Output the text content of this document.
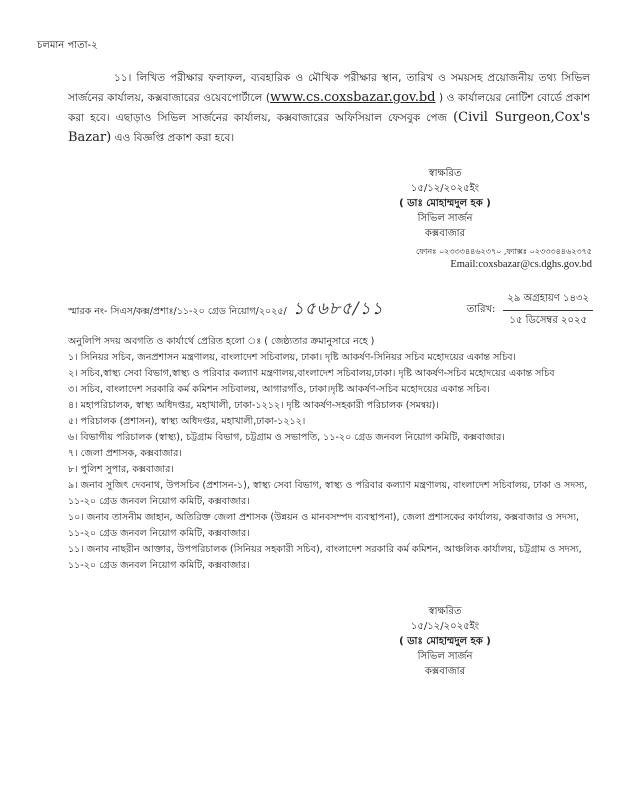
চলমান পাতা-২
১১। লিখিত পরীক্ষার ফলাফল, ব্যবহারিক ও মৌখিক পরীক্ষার স্থান, তারিখ ও সময়সহ প্রয়োজনীয় তথ্য সিভিল সার্জনের কার্যালয়, কক্সবাজারের ওয়েবপোর্টালে (www.cs.coxsbazar.gov.bd ) ও কার্যালয়ের নোটিশ বোর্ডে প্রকাশ করা হবে। এছাড়াও সিভিল সার্জনের কার্যালয়, কক্সবাজারের অফিসিয়াল ফেসবুক পেজ (Civil Surgeon,Cox's Bazar) এও বিজ্ঞপ্তি প্রকাশ করা হবে।
স্বাক্ষরিত
১৫/১২/২০২৫ইং
( ডাঃ মোহাম্মদুল হক )
সিভিল সার্জন
কক্সবাজার
ফোনঃ ০২৩৩৩৪৪৬২৩৭০ ,ফ্যাক্সঃ ০২৩৩৩৪৪৬২৩৭৫
Email:coxsbazar@cs.dghs.gov.bd
স্মারক নং- সিএস/কক্স/প্রশাঃ/১১-২০ গ্রেড নিয়োগ/২০২৫/ ১৫৬৮৫/১১	তারিখ: $\frac{\text{২৯ অগ্রহায়ণ ১৪৩২}}{\text{১৫ ডিসেম্বর ২০২৫}}$
অনুলিপি সদয় অবগতি ও কার্যার্থে প্রেরিত হলো ঃ ( জেষ্ঠ্যতার ক্রমানুসারে নহে )
১। সিনিয়র সচিব, জনপ্রশাসন মন্ত্রণালয়, বাংলাদেশ সচিবালয়, ঢাকা। দৃষ্টি আকর্ষণ-সিনিয়র সচিব মহোদয়ের একান্ত সচিব।
২। সচিব,স্বাস্থ্য সেবা বিভাগ,স্বাস্থ্য ও পরিবার কল্যাণ মন্ত্রণালয়,বাংলাদেশ সচিবালয়,ঢাকা। দৃষ্টি আকর্ষণ-সচিব মহোদয়ের একান্ত সচিব
৩। সচিব, বাংলাদেশ সরকারি কর্ম কমিশন সচিবালয়, আগারগাঁও, ঢাকা।দৃষ্টি আকর্ষণ-সচিব মহোদয়ের একান্ত সচিব।
৪। মহাপরিচালক, স্বাস্থ্য অধিদপ্তর, মহাখালী, ঢাকা-১২১২। দৃষ্টি আকর্ষণ-সহকারী পরিচালক (সমন্বয়)।
৫। পরিচালক (প্রশাসন), স্বাস্থ্য অধিদপ্তর, মহাখালী,ঢাকা-১২১২।
৬। বিভাগীয় পরিচালক (স্বাস্থ্য), চট্টগ্রাম বিভাগ, চট্টগ্রাম ও সভাপতি, ১১-২০ গ্রেড জনবল নিয়োগ কমিটি, কক্সবাজার।
৭। জেলা প্রশাসক, কক্সবাজার।
৮। পুলিশ সুপার, কক্সবাজার।
৯। জনাব সুজিৎ দেবনাথ, উপসচিব (প্রশাসন-১), স্বাস্থ্য সেবা বিভাগ, স্বাস্থ্য ও পরিবার কল্যাণ মন্ত্রণালয়, বাংলাদেশ সচিবালয়, ঢাকা ও সদস্য, ১১-২০ গ্রেড জনবল নিয়োগ কমিটি, কক্সবাজার।
১০। জনাব তাসনীম জাহান, অতিরিক্ত জেলা প্রশাসক (উন্নয়ন ও মানবসম্পদ ব্যবস্থাপনা), জেলা প্রশাসকের কার্যালয়, কক্সবাজার ও সদস্য, ১১-২০ গ্রেড জনবল নিয়োগ কমিটি, কক্সবাজার।
১১। জনাব নাছরীন আক্তার, উপপরিচালক (সিনিয়র সহকারী সচিব), বাংলাদেশ সরকারি কর্ম কমিশন, আঞ্চলিক কার্যালয়, চট্টগ্রাম ও সদস্য, ১১-২০ গ্রেড জনবল নিয়োগ কমিটি, কক্সবাজার।
স্বাক্ষরিত
১৫/১২/২০২৫ইং
( ডাঃ মোহাম্মদুল হক )
সিভিল সার্জন
কক্সবাজার
